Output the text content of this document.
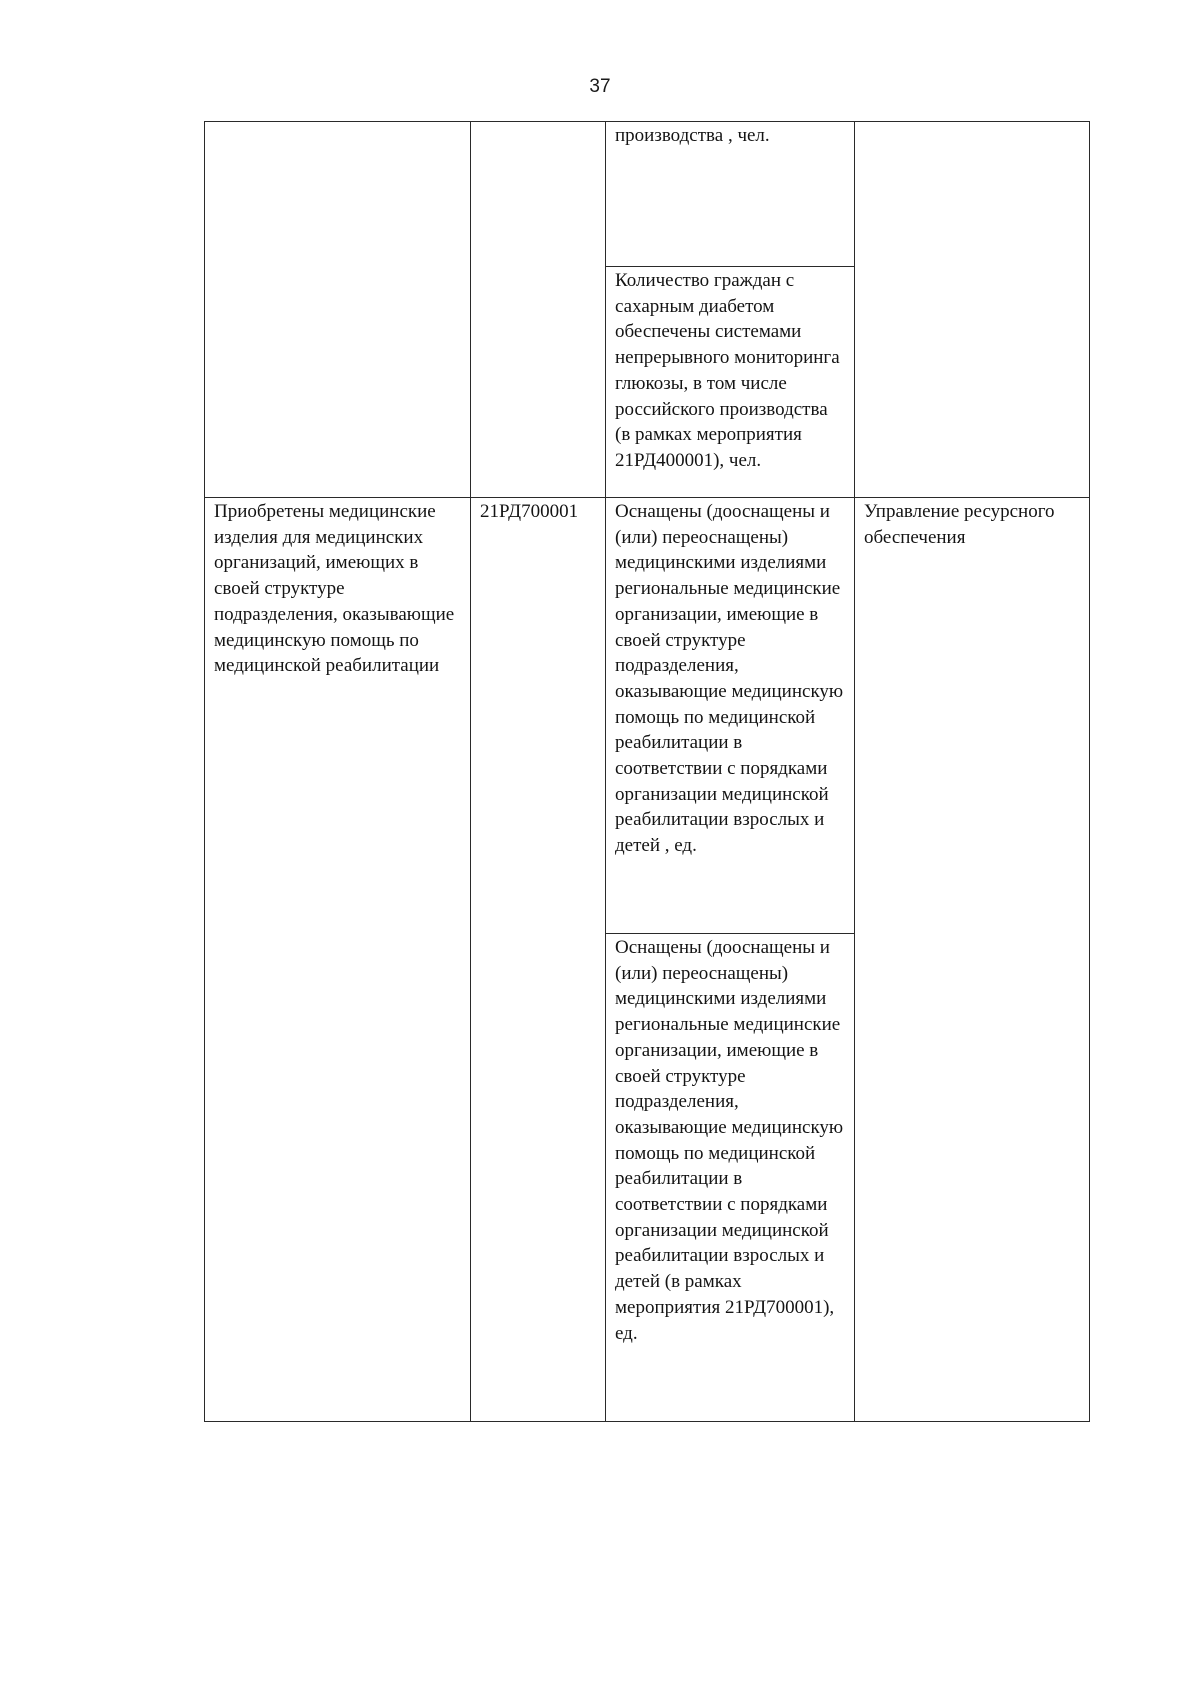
37

		производства , чел.	

		Количество граждан с сахарным диабетом обеспечены системами непрерывного мониторинга глюкозы, в том числе российского производства (в рамках мероприятия 21РД400001), чел.	

Приобретены медицинские изделия для медицинских организаций, имеющих в своей структуре подразделения, оказывающие медицинскую помощь по медицинской реабилитации	21РД700001	Оснащены (дооснащены и (или) переоснащены) медицинскими изделиями региональные медицинские организации, имеющие в своей структуре подразделения, оказывающие медицинскую помощь по медицинской реабилитации в соответствии с порядками организации медицинской реабилитации взрослых и детей , ед.	Управление ресурсного обеспечения

		Оснащены (дооснащены и (или) переоснащены) медицинскими изделиями региональные медицинские организации, имеющие в своей структуре подразделения, оказывающие медицинскую помощь по медицинской реабилитации в соответствии с порядками организации медицинской реабилитации взрослых и детей (в рамках мероприятия 21РД700001), ед.	
